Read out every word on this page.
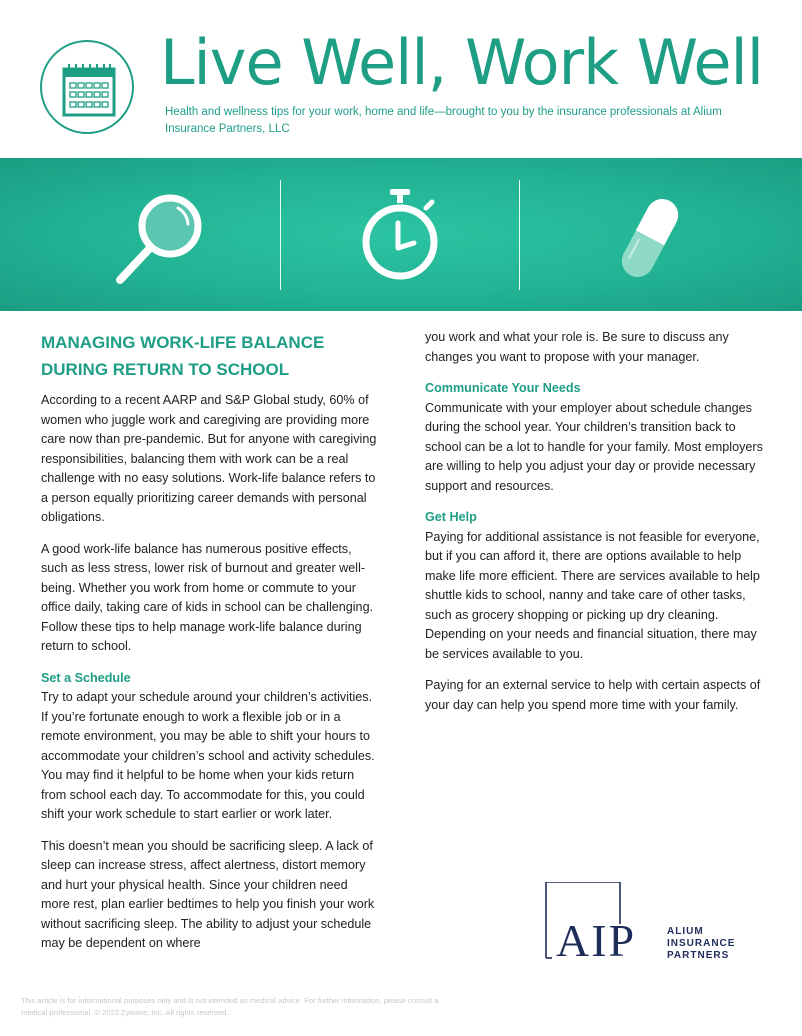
Live Well, Work Well
Health and wellness tips for your work, home and life—brought to you by the insurance professionals at Alium Insurance Partners, LLC
MANAGING WORK-LIFE BALANCE DURING RETURN TO SCHOOL

According to a recent AARP and S&P Global study, 60% of women who juggle work and caregiving are providing more care now than pre-pandemic. But for anyone with caregiving responsibilities, balancing them with work can be a real challenge with no easy solutions. Work-life balance refers to a person equally prioritizing career demands with personal obligations.

A good work-life balance has numerous positive effects, such as less stress, lower risk of burnout and greater well-being. Whether you work from home or commute to your office daily, taking care of kids in school can be challenging. Follow these tips to help manage work-life balance during return to school.

Set a Schedule

Try to adapt your schedule around your children’s activities. If you’re fortunate enough to work a flexible job or in a remote environment, you may be able to shift your hours to accommodate your children’s school and activity schedules. You may find it helpful to be home when your kids return from school each day. To accommodate for this, you could shift your work schedule to start earlier or work later.

This doesn’t mean you should be sacrificing sleep. A lack of sleep can increase stress, affect alertness, distort memory and hurt your physical health. Since your children need more rest, plan earlier bedtimes to help you finish your work without sacrificing sleep. The ability to adjust your schedule may be dependent on where

you work and what your role is. Be sure to discuss any changes you want to propose with your manager.

Communicate Your Needs

Communicate with your employer about schedule changes during the school year. Your children’s transition back to school can be a lot to handle for your family. Most employers are willing to help you adjust your day or provide necessary support and resources.

Get Help

Paying for additional assistance is not feasible for everyone, but if you can afford it, there are options available to help make life more efficient. There are services available to help shuttle kids to school, nanny and take care of other tasks, such as grocery shopping or picking up dry cleaning. Depending on your needs and financial situation, there may be services available to you.

Paying for an external service to help with certain aspects of your day can help you spend more time with your family.

AIP	ALIUM
INSURANCE
PARTNERS
This article is for informational purposes only and is not intended as medical advice. For further information, please consult a medical professional. © 2022 Zywave, Inc. All rights reserved.
